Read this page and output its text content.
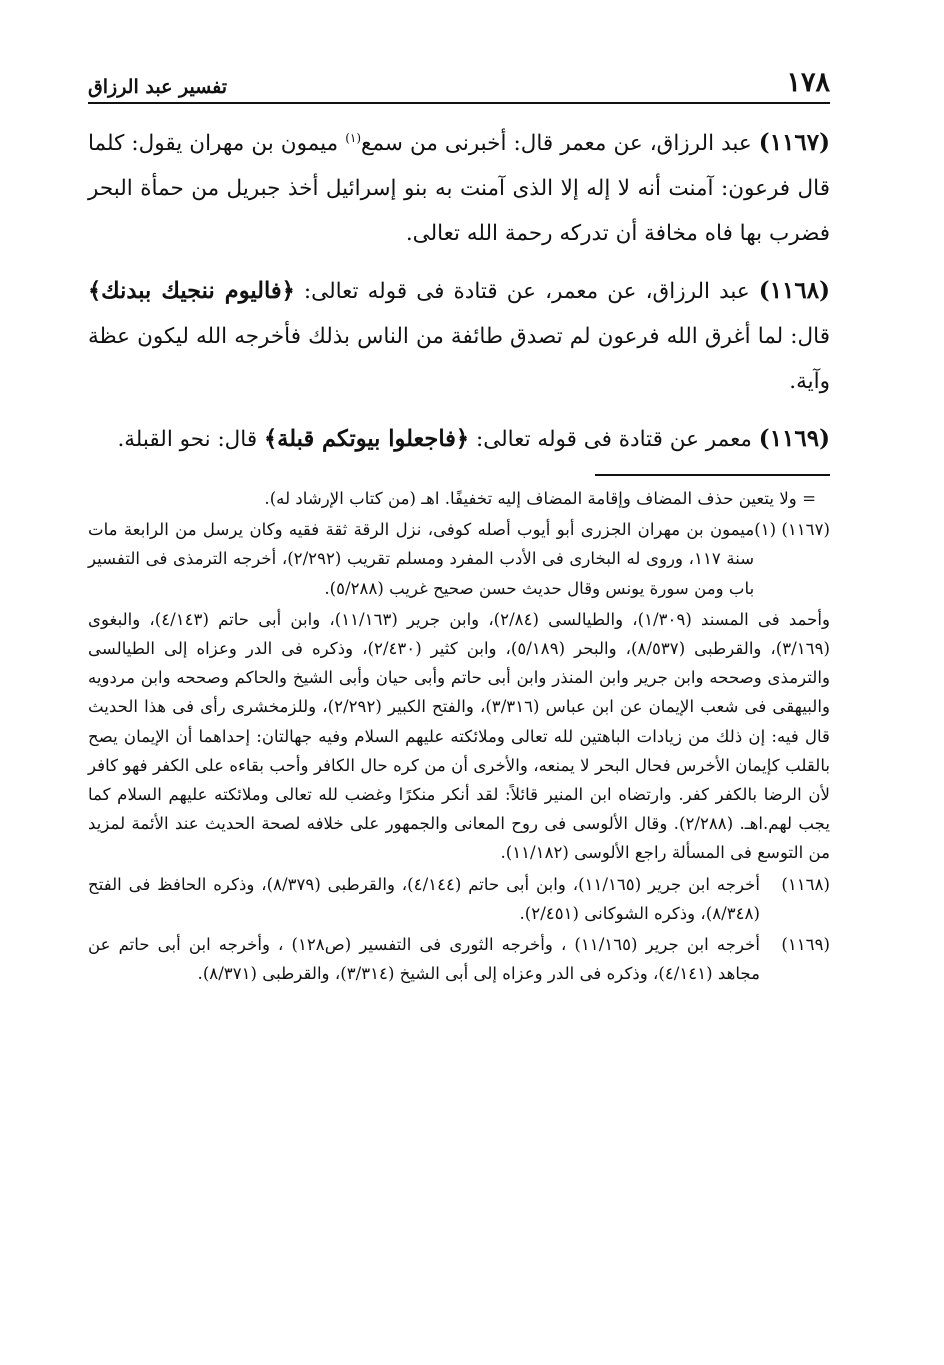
١٧٨
تفسير عبد الرزاق

(١١٦٧) عبد الرزاق، عن معمر قال: أخبرنى من سمع$^{(١)}$ ميمون بن مهران يقول: كلما قال فرعون: آمنت أنه لا إله إلا الذى آمنت به بنو إسرائيل أخذ جبريل من حمأة البحر فضرب بها فاه مخافة أن تدركه رحمة الله تعالى.

(١١٦٨) عبد الرزاق، عن معمر، عن قتادة فى قوله تعالى: ﴿فاليوم ننجيك ببدنك﴾ قال: لما أغرق الله فرعون لم تصدق طائفة من الناس بذلك فأخرجه الله ليكون عظة وآية.

(١١٦٩) معمر عن قتادة فى قوله تعالى: ﴿فاجعلوا بيوتكم قبلة﴾ قال: نحو القبلة.

= ولا يتعين حذف المضاف وإقامة المضاف إليه تخفيفًا. اهـ (من كتاب الإرشاد له).

(١١٦٧) (١)

ميمون بن مهران الجزرى أبو أيوب أصله كوفى، نزل الرقة ثقة فقيه وكان يرسل من الرابعة مات سنة ١١٧، وروى له البخارى فى الأدب المفرد ومسلم تقريب (٢/٢٩٢)، أخرجه الترمذى فى التفسير باب ومن سورة يونس وقال حديث حسن صحيح غريب (٥/٢٨٨).

وأحمد فى المسند (١/٣٠٩)، والطيالسى (٢/٨٤)، وابن جرير (١١/١٦٣)، وابن أبى حاتم (٤/١٤٣)، والبغوى (٣/١٦٩)، والقرطبى (٨/٥٣٧)، والبحر (٥/١٨٩)، وابن كثير (٢/٤٣٠)، وذكره فى الدر وعزاه إلى الطيالسى والترمذى وصححه وابن جرير وابن المنذر وابن أبى حاتم وأبى حيان وأبى الشيخ والحاكم وصححه وابن مردويه والبيهقى فى شعب الإيمان عن ابن عباس (٣/٣١٦)، والفتح الكبير (٢/٢٩٢)، وللزمخشرى رأى فى هذا الحديث قال فيه: إن ذلك من زيادات الباهتين لله تعالى وملائكته عليهم السلام وفيه جهالتان: إحداهما أن الإيمان يصح بالقلب كإيمان الأخرس فحال البحر لا يمنعه، والأخرى أن من كره حال الكافر وأحب بقاءه على الكفر فهو كافر لأن الرضا بالكفر كفر. وارتضاه ابن المنير قائلاً: لقد أنكر منكرًا وغضب لله تعالى وملائكته عليهم السلام كما يجب لهم.اهـ. (٢/٢٨٨). وقال الألوسى فى روح المعانى والجمهور على خلافه لصحة الحديث عند الأئمة لمزيد من التوسع فى المسألة راجع الألوسى (١١/١٨٢).

(١١٦٨)

أخرجه ابن جرير (١١/١٦٥)، وابن أبى حاتم (٤/١٤٤)، والقرطبى (٨/٣٧٩)، وذكره الحافظ فى الفتح (٨/٣٤٨)، وذكره الشوكانى (٢/٤٥١).

(١١٦٩)

أخرجه ابن جرير (١١/١٦٥) ، وأخرجه الثورى فى التفسير (ص١٢٨) ، وأخرجه ابن أبى حاتم عن مجاهد (٤/١٤١)، وذكره فى الدر وعزاه إلى أبى الشيخ (٣/٣١٤)، والقرطبى (٨/٣٧١).
